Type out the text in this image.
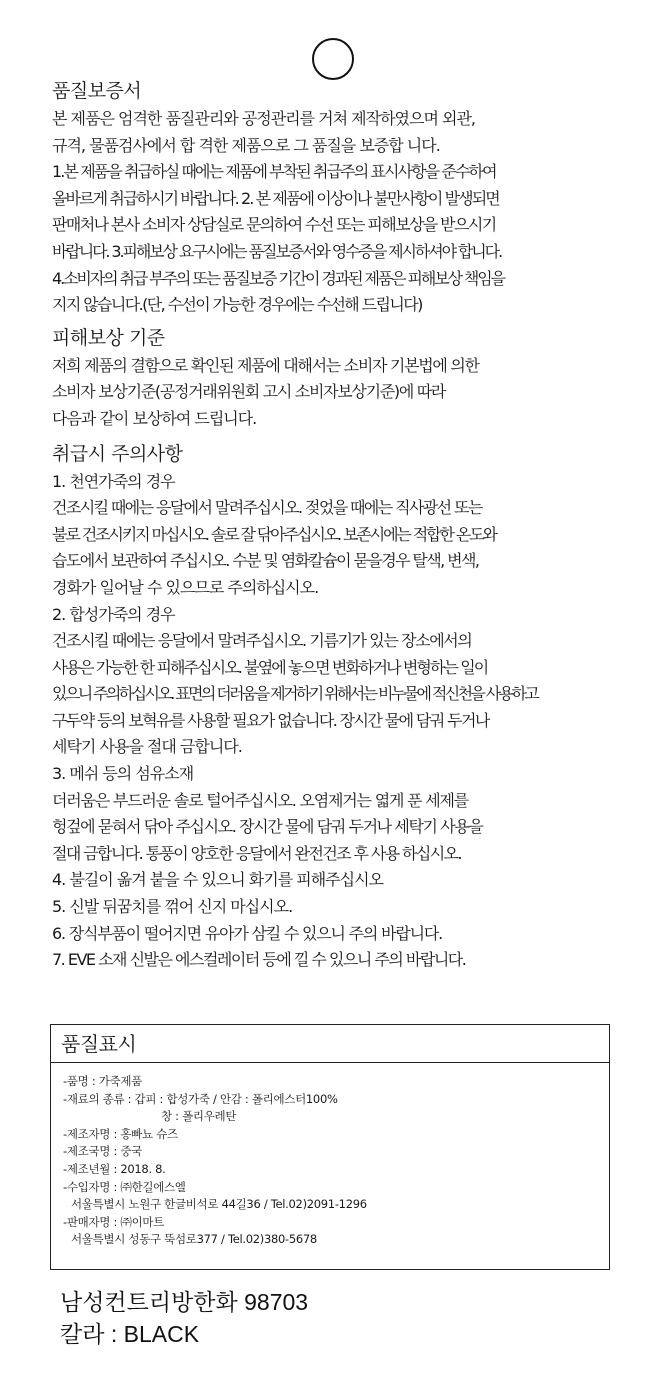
품질보증서
본 제품은 엄격한 품질관리와 공정관리를 거쳐 제작하였으며 외관,
규격, 물품검사에서 합 격한 제품으로 그 품질을 보증합 니다.
1.본 제품을 취급하실 때에는 제품에 부착된 취급주의 표시사항을 준수하여
올바르게 취급하시기 바랍니다. 2. 본 제품에 이상이나 불만사항이 발생되면
판매처나 본사 소비자 상담실로 문의하여 수선 또는 피해보상을 받으시기
바랍니다. 3.피해보상 요구시에는 품질보증서와 영수증을 제시하셔야 합니다.
4.소비자의 취급 부주의 또는 품질보증 기간이 경과된 제품은 피해보상 책임을
지지 않습니다.(단, 수선이 가능한 경우에는 수선해 드립니다)
피해보상 기준
저희 제품의 결함으로 확인된 제품에 대해서는 소비자 기본법에 의한
소비자 보상기준(공정거래위원회 고시 소비자보상기준)에 따라
다음과 같이 보상하여 드립니다.
취급시 주의사항
1. 천연가죽의 경우
건조시킬 때에는 응달에서 말려주십시오. 젖었을 때에는 직사광선 또는
불로 건조시키지 마십시오. 솔로 잘 닦아주십시오. 보존시에는 적합한 온도와
습도에서 보관하여 주십시오. 수분 및 염화칼슘이 묻을경우 탈색, 변색,
경화가 일어날 수 있으므로 주의하십시오.
2. 합성가죽의 경우
건조시킬 때에는 응달에서 말려주십시오. 기름기가 있는 장소에서의
사용은 가능한 한 피해주십시오. 불옆에 놓으면 변화하거나 변형하는 일이
있으니 주의하십시오. 표면의 더러움을 제거하기 위해서는 비누물에 적신천을 사용하고
구두약 등의 보혁유를 사용할 필요가 없습니다. 장시간 물에 담궈 두거나
세탁기 사용을 절대 금합니다.
3. 메쉬 등의 섬유소재
더러움은 부드러운 솔로 털어주십시오. 오염제거는 엷게 푼 세제를
헝겊에 묻혀서 닦아 주십시오. 장시간 물에 담궈 두거나 세탁기 사용을
절대 금합니다. 통풍이 양호한 응달에서 완전건조 후 사용 하십시오.
4. 불길이 옮겨 붙을 수 있으니 화기를 피해주십시오
5. 신발 뒤꿈치를 꺾어 신지 마십시오.
6. 장식부품이 떨어지면 유아가 삼킬 수 있으니 주의 바랍니다.
7. EVE 소재 신발은 에스컬레이터 등에 낄 수 있으니 주의 바랍니다.
품질표시
-품명 : 가죽제품
-재료의 종류 : 갑피 : 합성가죽 / 안감 : 폴리에스터100%
창 : 폴리우레탄
-제조자명 : 홍빠뇨 슈즈
-제조국명 : 중국
-제조년월 : 2018. 8.
-수입자명 : ㈜한길에스엘
서울특별시 노원구 한글비석로 44길36 / Tel.02)2091-1296
-판매자명 : ㈜이마트
서울특별시 성동구 뚝섬로377 / Tel.02)380-5678
남성컨트리방한화 98703
칼라 : BLACK
